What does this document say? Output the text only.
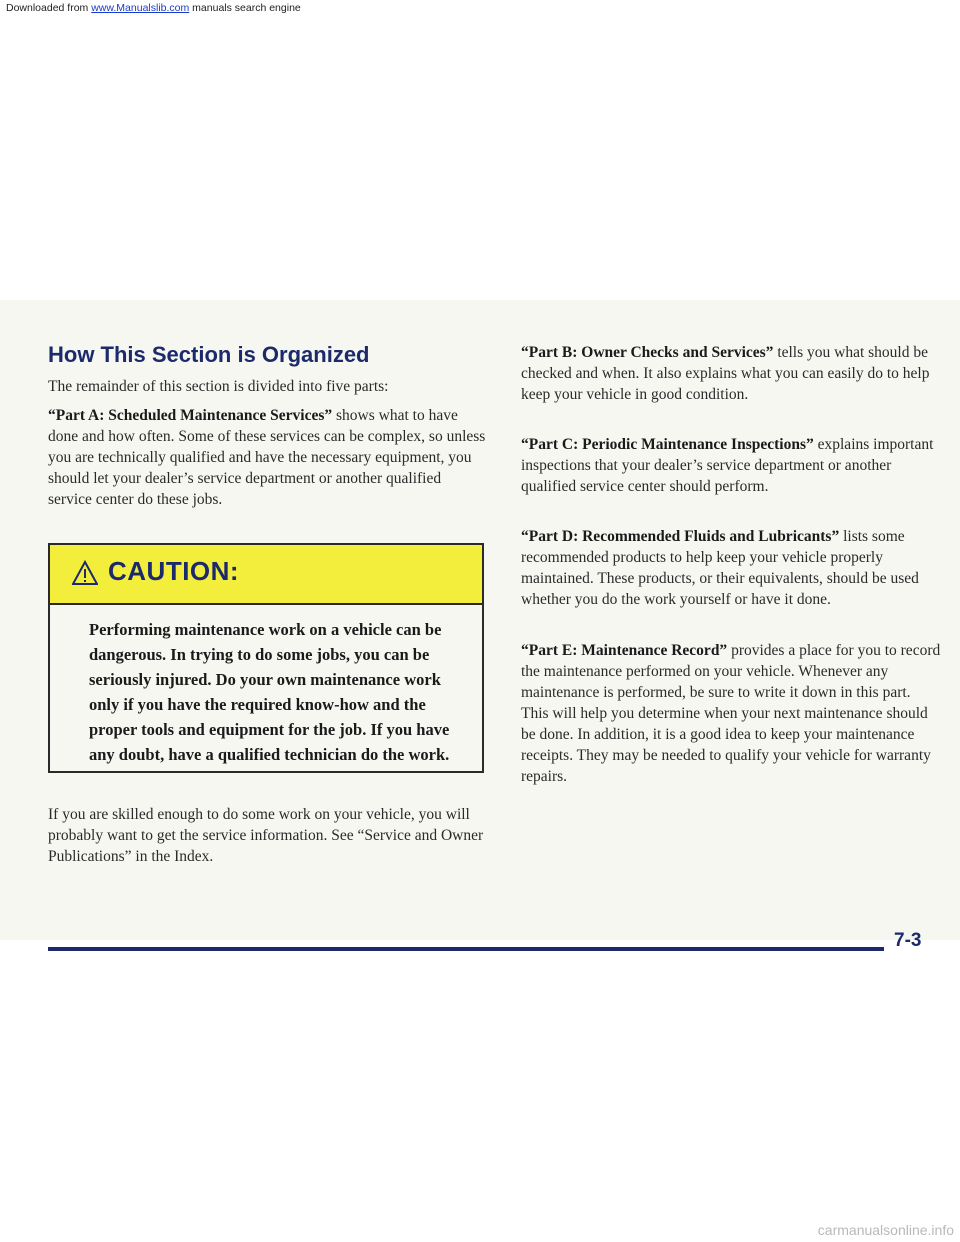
Downloaded from www.Manualslib.com manuals search engine
How This Section is Organized

The remainder of this section is divided into five parts:

“Part A: Scheduled Maintenance Services” shows what to have done and how often. Some of these services can be complex, so unless you are technically qualified and have the necessary equipment, you should let your dealer’s service department or another qualified service center do these jobs.

CAUTION:
Performing maintenance work on a vehicle can be dangerous. In trying to do some jobs, you can be seriously injured. Do your own maintenance work only if you have the required know-how and the proper tools and equipment for the job. If you have any doubt, have a qualified technician do the work.

If you are skilled enough to do some work on your vehicle, you will probably want to get the service information. See “Service and Owner Publications” in the Index.

“Part B: Owner Checks and Services” tells you what should be checked and when. It also explains what you can easily do to help keep your vehicle in good condition.

“Part C: Periodic Maintenance Inspections” explains important inspections that your dealer’s service department or another qualified service center should perform.

“Part D: Recommended Fluids and Lubricants” lists some recommended products to help keep your vehicle properly maintained. These products, or their equivalents, should be used whether you do the work yourself or have it done.

“Part E: Maintenance Record” provides a place for you to record the maintenance performed on your vehicle. Whenever any maintenance is performed, be sure to write it down in this part. This will help you determine when your next maintenance should be done. In addition, it is a good idea to keep your maintenance receipts. They may be needed to qualify your vehicle for warranty repairs.

7-3
carmanualsonline.info
